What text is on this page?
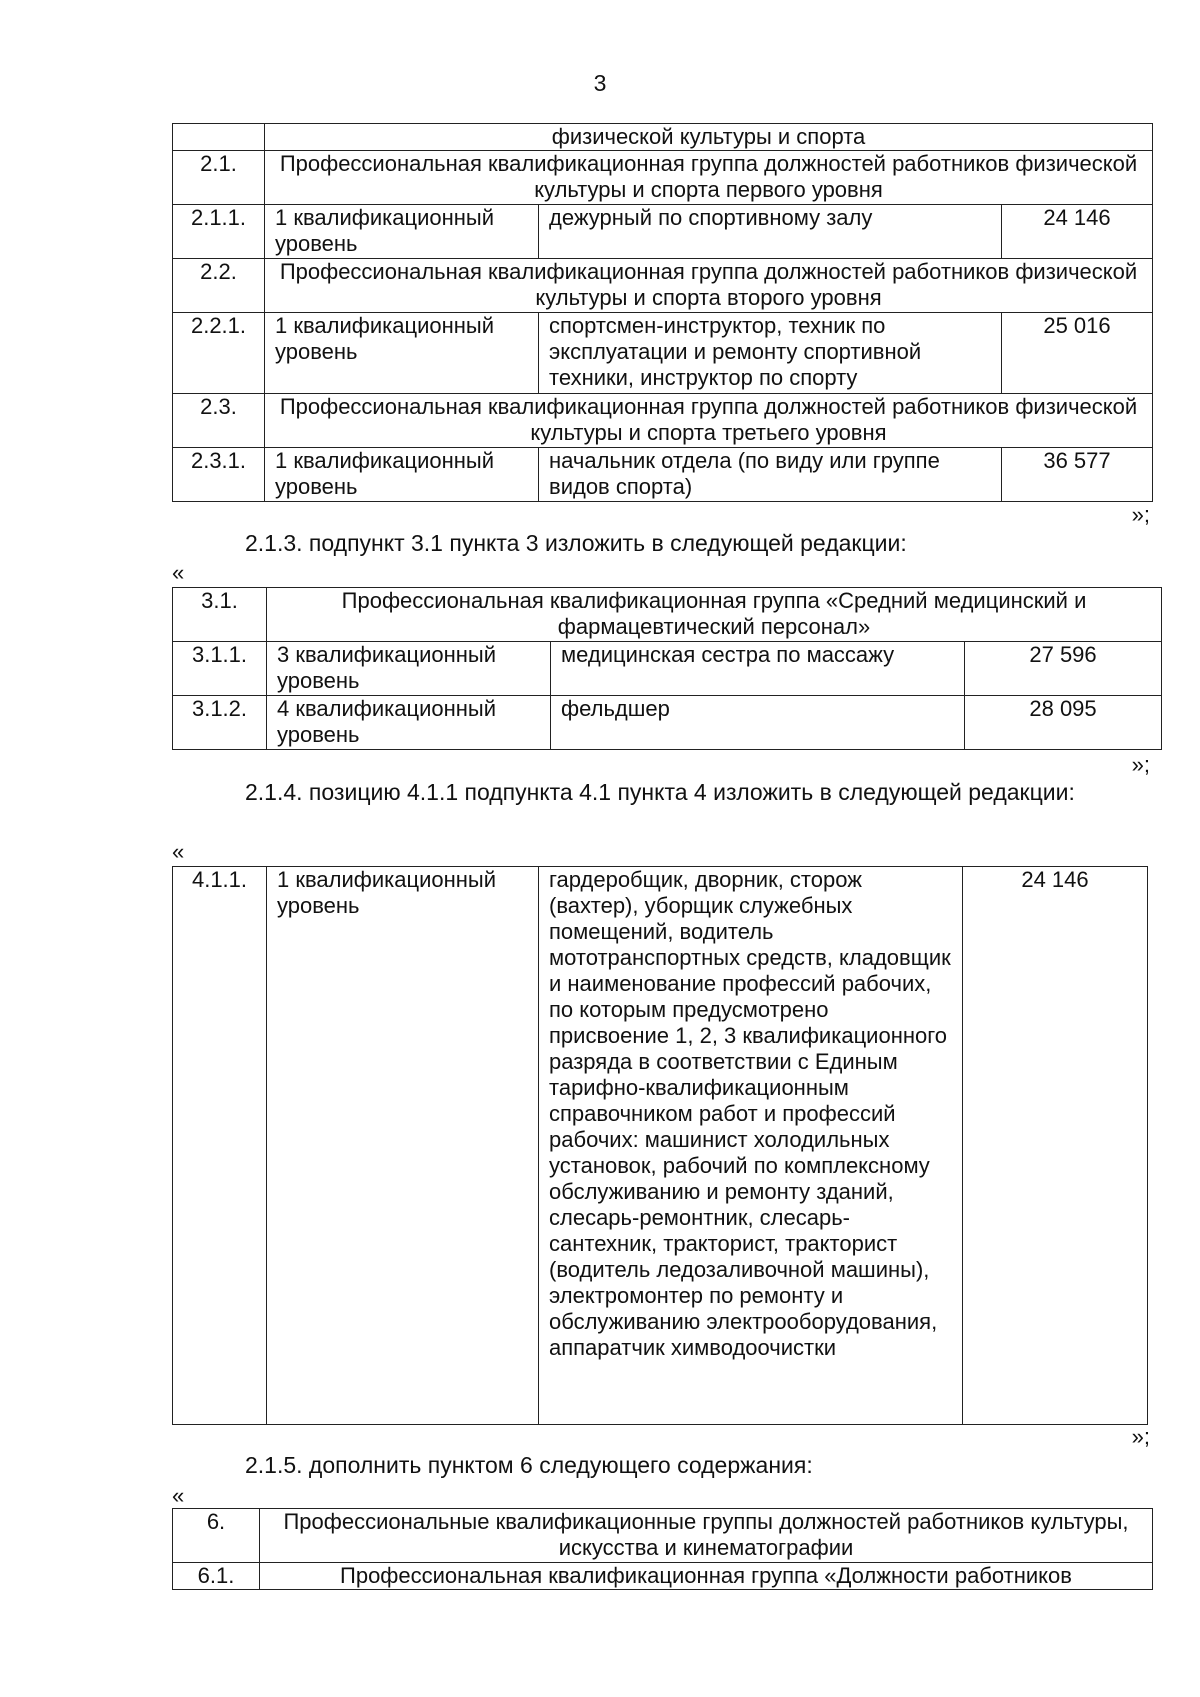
3
	физической культуры и спорта		
2.1.	Профессиональная квалификационная группа должностей работников физической культуры и спорта первого уровня		
2.1.1.	1 квалификационный уровень	дежурный по спортивному залу	24 146
2.2.	Профессиональная квалификационная группа должностей работников физической культуры и спорта второго уровня		
2.2.1.	1 квалификационный уровень	спортсмен-инструктор, техник по эксплуатации и ремонту спортивной техники, инструктор по спорту	25 016
2.3.	Профессиональная квалификационная группа должностей работников физической культуры и спорта третьего уровня		
2.3.1.	1 квалификационный уровень	начальник отдела (по виду или группе видов спорта)	36 577
»;
2.1.3. подпункт 3.1 пункта 3 изложить в следующей редакции:
«
3.1.	Профессиональная квалификационная группа «Средний медицинский и фармацевтический персонал»		
3.1.1.	3 квалификационный уровень	медицинская сестра по массажу	27 596
3.1.2.	4 квалификационный уровень	фельдшер	28 095
»;
2.1.4. позицию 4.1.1 подпункта 4.1 пункта 4 изложить в следующей редакции:
«
4.1.1.	1 квалификационный уровень	гардеробщик, дворник, сторож (вахтер), уборщик служебных помещений, водитель мототранспортных средств, кладовщик и наименование профессий рабочих, по которым предусмотрено присвоение 1, 2, 3 квалификационного разряда в соответствии с Единым тарифно-квалификационным справочником работ и профессий рабочих: машинист холодильных установок, рабочий по комплексному обслуживанию и ремонту зданий, слесарь-ремонтник, слесарь-сантехник, тракторист, тракторист (водитель ледозаливочной машины), электромонтер по ремонту и обслуживанию электрооборудования, аппаратчик химводоочистки	24 146
»;
2.1.5. дополнить пунктом 6 следующего содержания:
«
6.	Профессиональные квалификационные группы должностей работников культуры, искусства и кинематографии
6.1.	Профессиональная квалификационная группа «Должности работников
